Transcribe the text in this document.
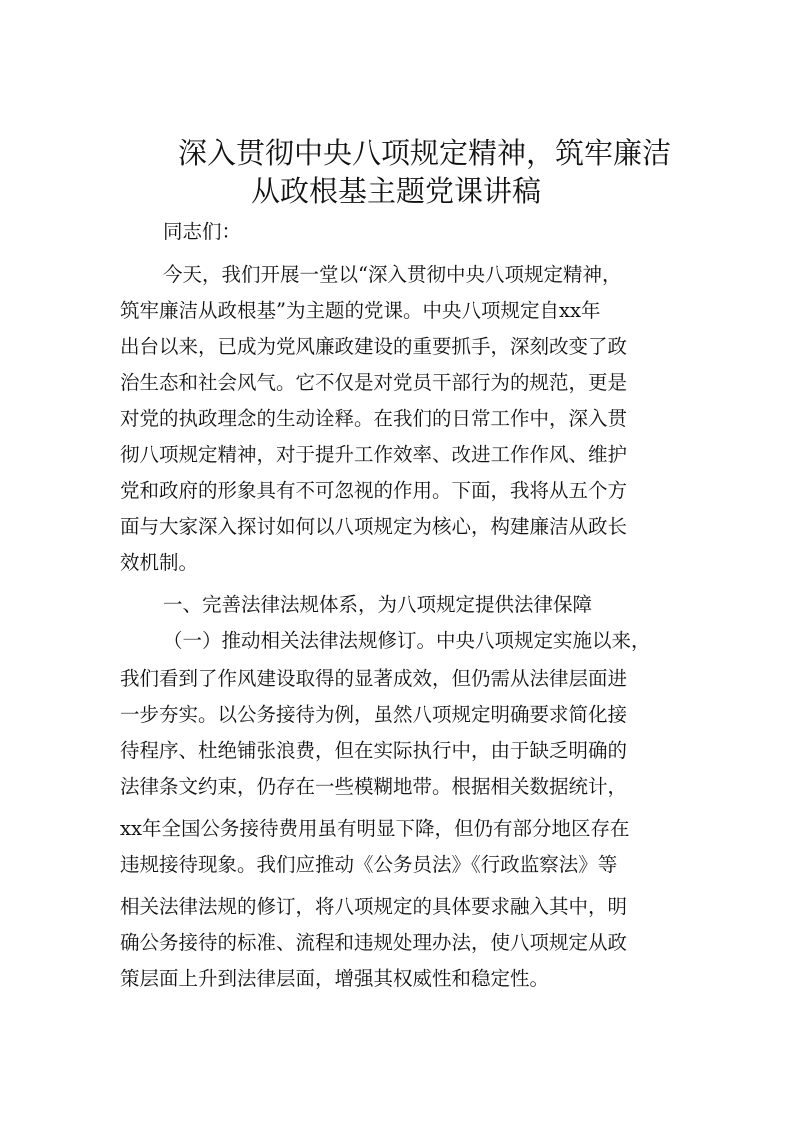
深入贯彻中央八项规定精神，筑牢廉洁
从政根基主题党课讲稿
同志们：
今天，我们开展一堂以“深入贯彻中央八项规定精神，
筑牢廉洁从政根基”为主题的党课。中央八项规定自xx年
出台以来，已成为党风廉政建设的重要抓手，深刻改变了政
治生态和社会风气。它不仅是对党员干部行为的规范，更是
对党的执政理念的生动诠释。在我们的日常工作中，深入贯
彻八项规定精神，对于提升工作效率、改进工作作风、维护
党和政府的形象具有不可忽视的作用。下面，我将从五个方
面与大家深入探讨如何以八项规定为核心，构建廉洁从政长
效机制。
一、完善法律法规体系，为八项规定提供法律保障
（一）推动相关法律法规修订。中央八项规定实施以来，
我们看到了作风建设取得的显著成效，但仍需从法律层面进
一步夯实。以公务接待为例，虽然八项规定明确要求简化接
待程序、杜绝铺张浪费，但在实际执行中，由于缺乏明确的
法律条文约束，仍存在一些模糊地带。根据相关数据统计，
xx年全国公务接待费用虽有明显下降，但仍有部分地区存在
违规接待现象。我们应推动《公务员法》《行政监察法》等
相关法律法规的修订，将八项规定的具体要求融入其中，明
确公务接待的标准、流程和违规处理办法，使八项规定从政
策层面上升到法律层面，增强其权威性和稳定性。
